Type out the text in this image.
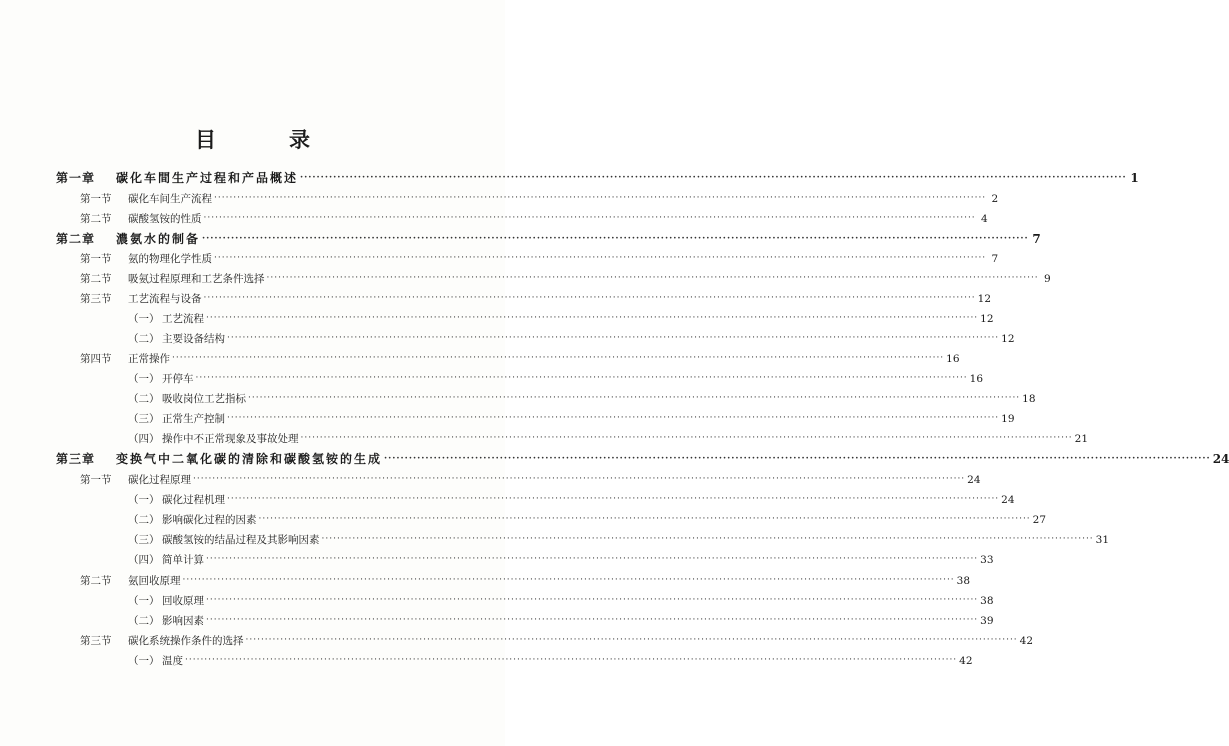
目　录
第一章	碳化车間生产过程和产品概述 ········································································································································································································ 1
第一节	碳化车间生产流程 ········································································································································································································ 2
第二节	碳酸氢铵的性质 ········································································································································································································ 4
第二章	濃氨水的制备 ········································································································································································································ 7
第一节	氨的物理化学性质 ········································································································································································································ 7
第二节	吸氨过程原理和工艺条件选择 ········································································································································································································ 9
第三节	工艺流程与设备 ········································································································································································································ 12
（一） 工艺流程 ········································································································································································································ 12
（二） 主要设备结构 ········································································································································································································ 12
第四节	正常操作 ········································································································································································································ 16
（一） 开停车 ········································································································································································································ 16
（二） 吸收岗位工艺指标 ········································································································································································································ 18
（三） 正常生产控制 ········································································································································································································ 19
（四） 操作中不正常现象及事故处理 ········································································································································································································ 21
第三章	变换气中二氧化碳的清除和碳酸氢铵的生成 ········································································································································································································ 24
第一节	碳化过程原理 ········································································································································································································ 24
（一） 碳化过程机理 ········································································································································································································ 24
（二） 影响碳化过程的因素 ········································································································································································································ 27
（三） 碳酸氢铵的结晶过程及其影响因素 ········································································································································································································ 31
（四） 简单计算 ········································································································································································································ 33
第二节	氨回收原理 ········································································································································································································ 38
（一） 回收原理 ········································································································································································································ 38
（二） 影响因素 ········································································································································································································ 39
第三节	碳化系统操作条件的选择 ········································································································································································································ 42
（一） 温度 ········································································································································································································ 42
